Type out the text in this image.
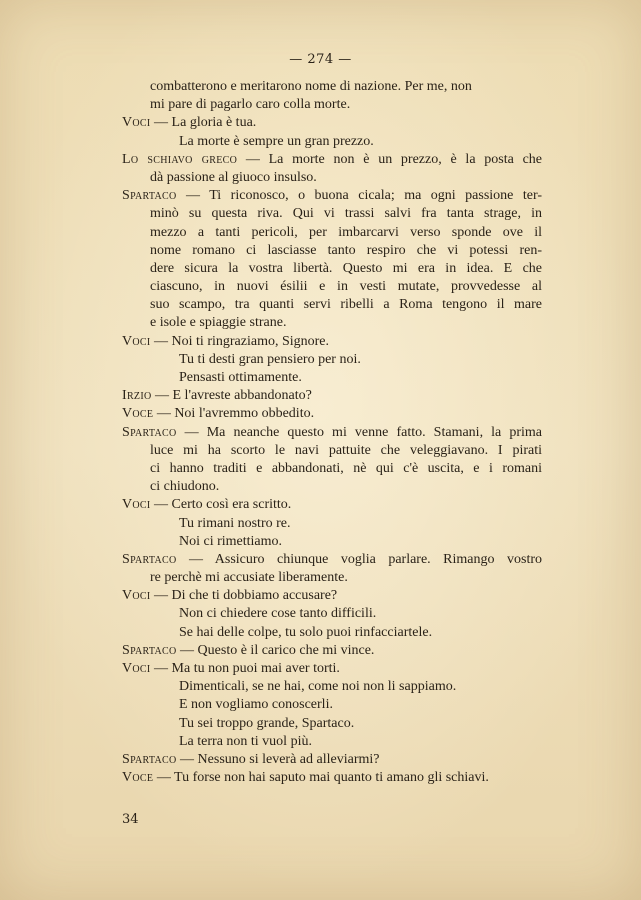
— 274 —
combatterono e meritarono nome di nazione. Per me, non
mi pare di pagarlo caro colla morte.
Voci — La gloria è tua.
La morte è sempre un gran prezzo.
Lo schiavo greco — La morte non è un prezzo, è la posta che
dà passione al giuoco insulso.
Spartaco — Ti riconosco, o buona cicala; ma ogni passione ter-
minò su questa riva. Qui vi trassi salvi fra tanta strage, in
mezzo a tanti pericoli, per imbarcarvi verso sponde ove il
nome romano ci lasciasse tanto respiro che vi potessi ren-
dere sicura la vostra libertà. Questo mi era in idea. E che
ciascuno, in nuovi ésilii e in vesti mutate, provvedesse al
suo scampo, tra quanti servi ribelli a Roma tengono il mare
e isole e spiaggie strane.
Voci — Noi ti ringraziamo, Signore.
Tu ti desti gran pensiero per noi.
Pensasti ottimamente.
Irzio — E l'avreste abbandonato?
Voce — Noi l'avremmo obbedito.
Spartaco — Ma neanche questo mi venne fatto. Stamani, la prima
luce mi ha scorto le navi pattuite che veleggiavano. I pirati
ci hanno traditi e abbandonati, nè qui c'è uscita, e i romani
ci chiudono.
Voci — Certo così era scritto.
Tu rimani nostro re.
Noi ci rimettiamo.
Spartaco — Assicuro chiunque voglia parlare. Rimango vostro
re perchè mi accusiate liberamente.
Voci — Di che ti dobbiamo accusare?
Non ci chiedere cose tanto difficili.
Se hai delle colpe, tu solo puoi rinfacciartele.
Spartaco — Questo è il carico che mi vince.
Voci — Ma tu non puoi mai aver torti.
Dimenticali, se ne hai, come noi non li sappiamo.
E non vogliamo conoscerli.
Tu sei troppo grande, Spartaco.
La terra non ti vuol più.
Spartaco — Nessuno si leverà ad alleviarmi?
Voce — Tu forse non hai saputo mai quanto ti amano gli schiavi.
34
